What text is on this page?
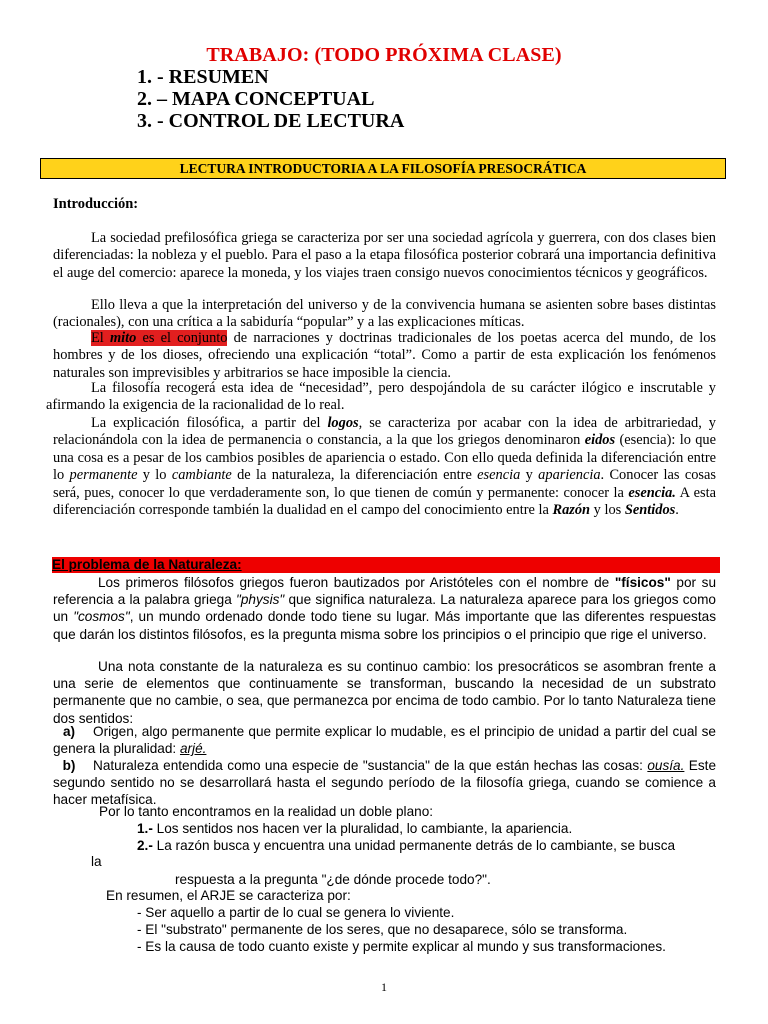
TRABAJO: (TODO PRÓXIMA CLASE)
1. - RESUMEN
2. – MAPA CONCEPTUAL
3. - CONTROL DE LECTURA
LECTURA INTRODUCTORIA A LA FILOSOFÍA PRESOCRÁTICA
Introducción:
La sociedad prefilosófica griega se caracteriza por ser una sociedad agrícola y guerrera, con dos clases bien diferenciadas: la nobleza y el pueblo. Para el paso a la etapa filosófica posterior cobrará una importancia definitiva el auge del comercio: aparece la moneda, y los viajes traen consigo nuevos conocimientos técnicos y geográficos.
Ello lleva a que la interpretación del universo y de la convivencia humana se asienten sobre bases distintas (racionales), con una crítica a la sabiduría “popular” y a las explicaciones míticas.
El mito es el conjunto de narraciones y doctrinas tradicionales de los poetas acerca del mundo, de los hombres y de los dioses, ofreciendo una explicación “total”. Como a partir de esta explicación los fenómenos naturales son imprevisibles y arbitrarios se hace imposible la ciencia.
La filosofía recogerá esta idea de “necesidad”, pero despojándola de su carácter ilógico e inscrutable y afirmando la exigencia de la racionalidad de lo real.
La explicación filosófica, a partir del logos, se caracteriza por acabar con la idea de arbitrariedad, y relacionándola con la idea de permanencia o constancia, a la que los griegos denominaron eidos (esencia): lo que una cosa es a pesar de los cambios posibles de apariencia o estado. Con ello queda definida la diferenciación entre lo permanente y lo cambiante de la naturaleza, la diferenciación entre esencia y apariencia. Conocer las cosas será, pues, conocer lo que verdaderamente son, lo que tienen de común y permanente: conocer la esencia. A esta diferenciación corresponde también la dualidad en el campo del conocimiento entre la Razón y los Sentidos.
El problema de la Naturaleza:
Los primeros filósofos griegos fueron bautizados por Aristóteles con el nombre de "físicos" por su referencia a la palabra griega "physis" que significa naturaleza. La naturaleza aparece para los griegos como un "cosmos", un mundo ordenado donde todo tiene su lugar. Más importante que las diferentes respuestas que darán los distintos filósofos, es la pregunta misma sobre los principios o el principio que rige el universo.
Una nota constante de la naturaleza es su continuo cambio: los presocráticos se asombran frente a una serie de elementos que continuamente se transforman, buscando la necesidad de un substrato permanente que no cambie, o sea, que permanezca por encima de todo cambio. Por lo tanto Naturaleza tiene dos sentidos:
a) Origen, algo permanente que permite explicar lo mudable, es el principio de unidad a partir del cual se genera la pluralidad: arjé.
b) Naturaleza entendida como una especie de "sustancia" de la que están hechas las cosas: ousía. Este segundo sentido no se desarrollará hasta el segundo período de la filosofía griega, cuando se comience a hacer metafísica.
Por lo tanto encontramos en la realidad un doble plano:
1.- Los sentidos nos hacen ver la pluralidad, lo cambiante, la apariencia.
2.- La razón busca y encuentra una unidad permanente detrás de lo cambiante, se busca
la
respuesta a la pregunta "¿de dónde procede todo?".
En resumen, el ARJE se caracteriza por:
- Ser aquello a partir de lo cual se genera lo viviente.
- El "substrato" permanente de los seres, que no desaparece, sólo se transforma.
- Es la causa de todo cuanto existe y permite explicar al mundo y sus transformaciones.
1
